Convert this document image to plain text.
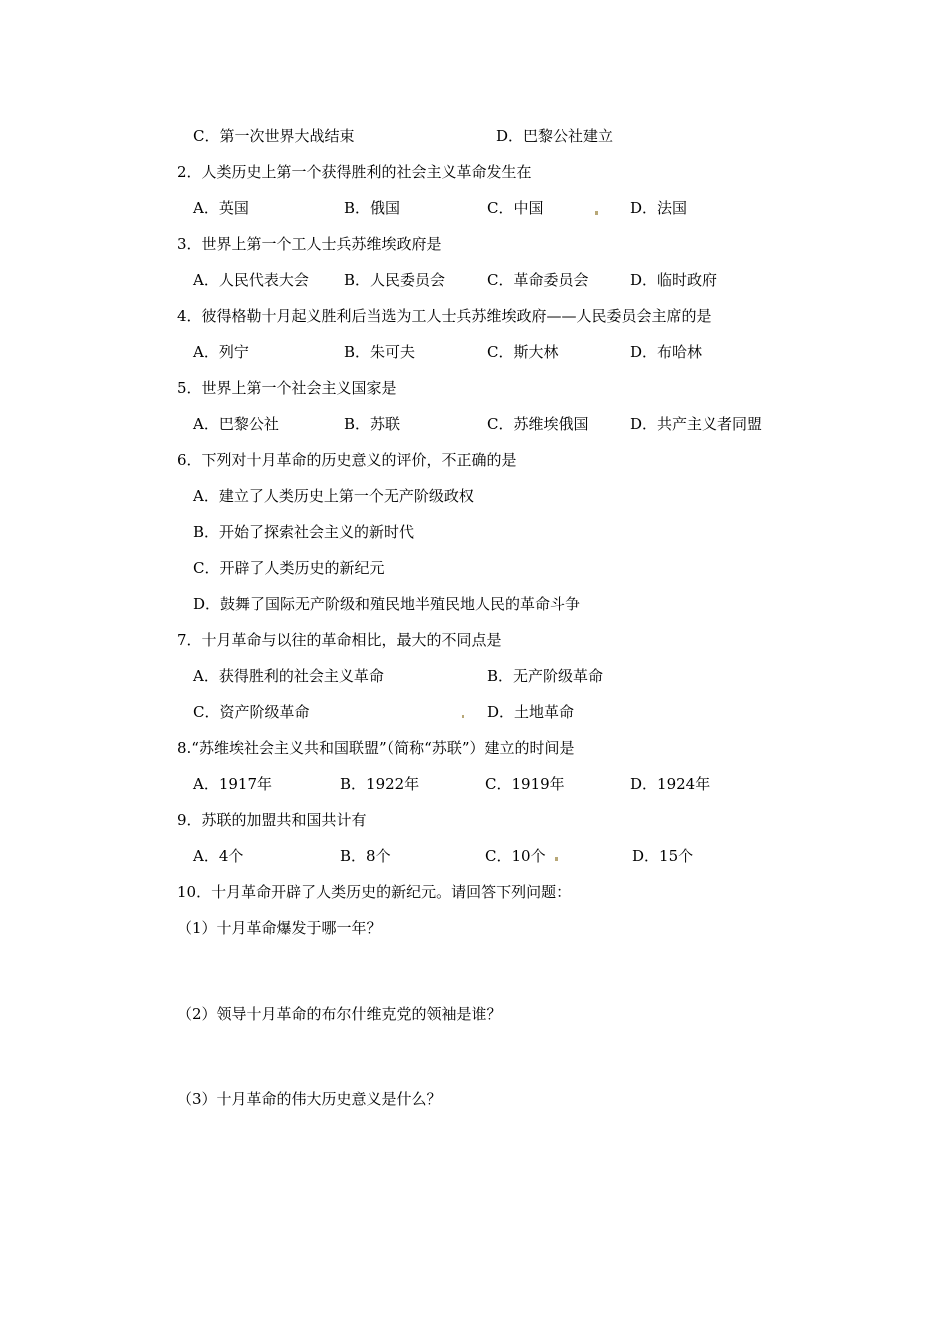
C．第一次世界大战结束	D．巴黎公社建立
2．人类历史上第一个获得胜利的社会主义革命发生在
A．英国	B．俄国	C．中国	D．法国
3．世界上第一个工人士兵苏维埃政府是
A．人民代表大会 B．人民委员会	C．革命委员会	D．临时政府
4．彼得格勒十月起义胜利后当选为工人士兵苏维埃政府——人民委员会主席的是
A．列宁	B．朱可夫	C．斯大林	D．布哈林
5．世界上第一个社会主义国家是
A．巴黎公社	B．苏联	C．苏维埃俄国	D．共产主义者同盟
6．下列对十月革命的历史意义的评价，不正确的是
A．建立了人类历史上第一个无产阶级政权
B．开始了探索社会主义的新时代
C．开辟了人类历史的新纪元
D．鼓舞了国际无产阶级和殖民地半殖民地人民的革命斗争
7．十月革命与以往的革命相比，最大的不同点是
A．获得胜利的社会主义革命	B．无产阶级革命
C．资产阶级革命	D．土地革命
8.“苏维埃社会主义共和国联盟”（简称“苏联”）建立的时间是
A．1917年	B．1922年	C．1919年	D．1924年
9．苏联的加盟共和国共计有
A．4个	B．8个	C．10个	D．15个
10．十月革命开辟了人类历史的新纪元。请回答下列问题：
（1）十月革命爆发于哪一年？
（2）领导十月革命的布尔什维克党的领袖是谁？
（3）十月革命的伟大历史意义是什么？
